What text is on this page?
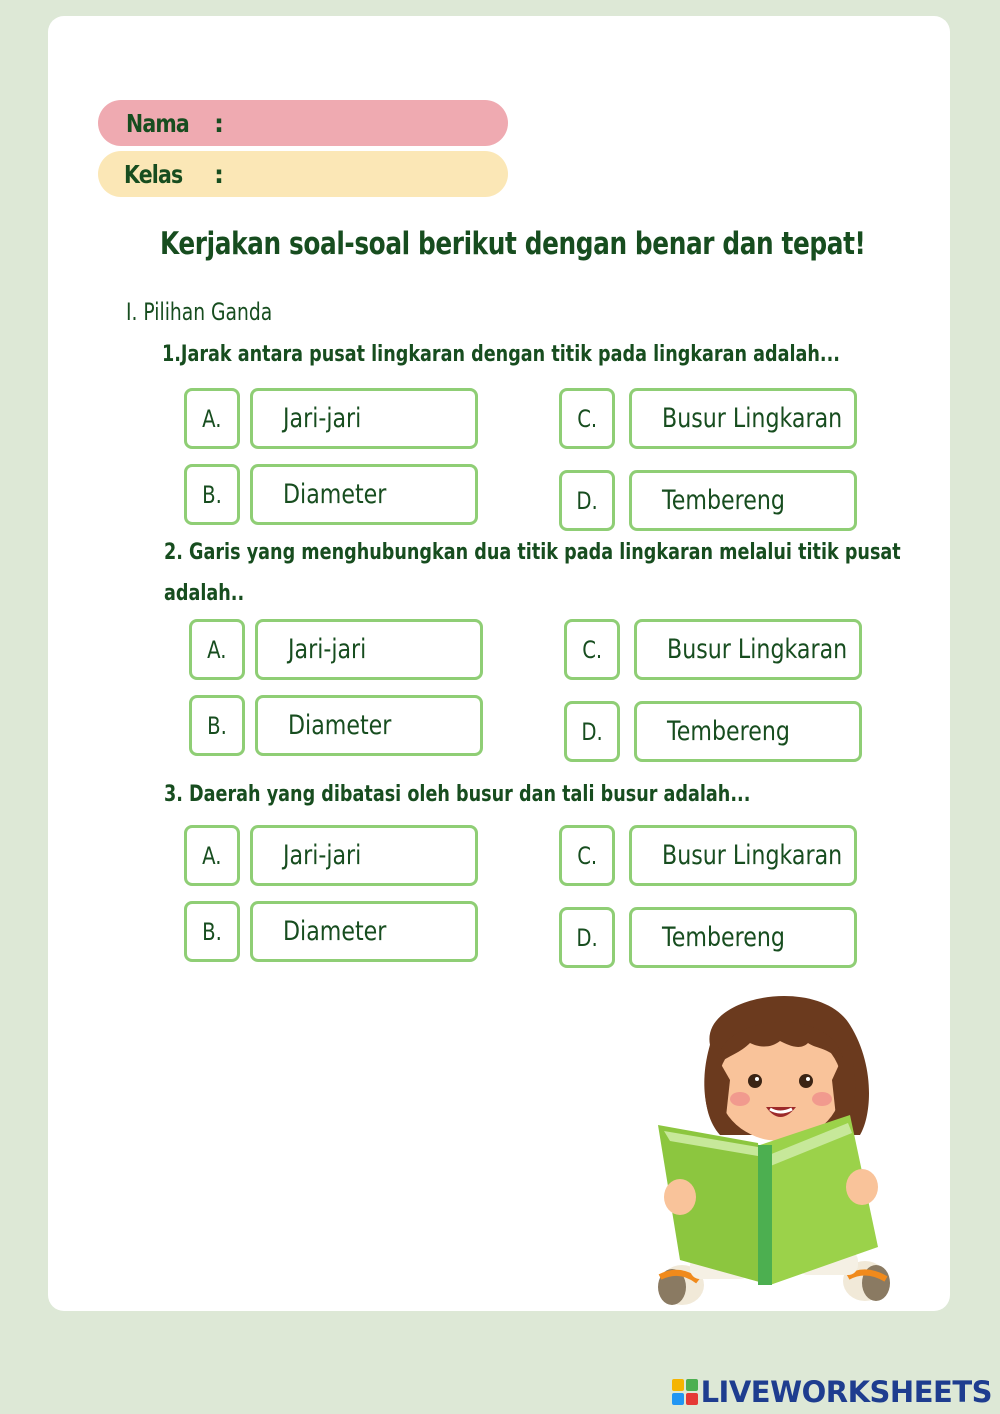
Nama :
Kelas :
Kerjakan soal-soal berikut dengan benar dan tepat!
I. Pilihan Ganda
1.Jarak antara pusat lingkaran dengan titik pada lingkaran adalah...
A. Jari-jari
B. Diameter
C. Busur Lingkaran
D. Tembereng
2. Garis yang menghubungkan dua titik pada lingkaran melalui titik pusat
adalah..
A. Jari-jari
B. Diameter
C. Busur Lingkaran
D. Tembereng
3. Daerah yang dibatasi oleh busur dan tali busur adalah...
A. Jari-jari
B. Diameter
C. Busur Lingkaran
D. Tembereng
LIVEWORKSHEETS
